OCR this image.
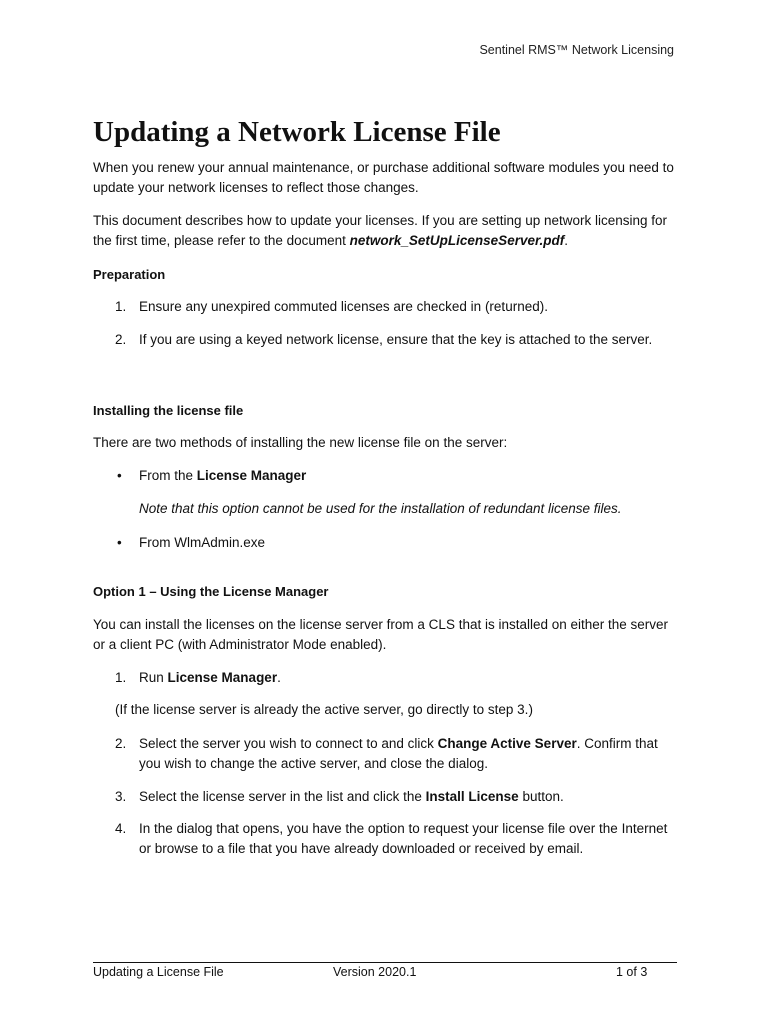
Sentinel RMS™ Network Licensing
Updating a Network License File
When you renew your annual maintenance, or purchase additional software modules you need to update your network licenses to reflect those changes.
This document describes how to update your licenses. If you are setting up network licensing for the first time, please refer to the document network_SetUpLicenseServer.pdf.
Preparation
1. Ensure any unexpired commuted licenses are checked in (returned).
2. If you are using a keyed network license, ensure that the key is attached to the server.
Installing the license file
There are two methods of installing the new license file on the server:
• From the License Manager
Note that this option cannot be used for the installation of redundant license files.
• From WlmAdmin.exe
Option 1 – Using the License Manager
You can install the licenses on the license server from a CLS that is installed on either the server or a client PC (with Administrator Mode enabled).
1. Run License Manager.
(If the license server is already the active server, go directly to step 3.)
2. Select the server you wish to connect to and click Change Active Server. Confirm that you wish to change the active server, and close the dialog.
3. Select the license server in the list and click the Install License button.
4. In the dialog that opens, you have the option to request your license file over the Internet or browse to a file that you have already downloaded or received by email.
Updating a License File	Version 2020.1	1 of 3
